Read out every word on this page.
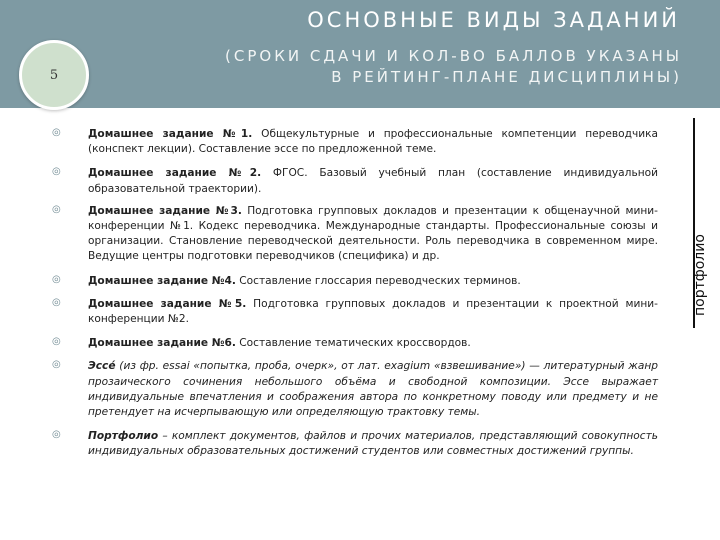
ОСНОВНЫЕ ВИДЫ ЗАДАНИЙ
(СРОКИ СДАЧИ И КОЛ-ВО БАЛЛОВ УКАЗАНЫ
В РЕЙТИНГ-ПЛАНЕ ДИСЦИПЛИНЫ)
5
портфолио
◎	Домашнее задание №1. Общекультурные и профессиональные компетенции переводчика (конспект лекции). Составление эссе по предложенной теме.
◎	Домашнее задание №2. ФГОС. Базовый учебный план (составление индивидуальной образовательной траектории).
◎	Домашнее задание №3. Подготовка групповых докладов и презентации к общенаучной мини-конференции №1. Кодекс переводчика. Международные стандарты. Профессиональные союзы и организации. Становление переводческой деятельности. Роль переводчика в современном мире. Ведущие центры подготовки переводчиков (специфика) и др.
◎	Домашнее задание №4. Составление глоссария переводческих терминов.
◎	Домашнее задание №5. Подготовка групповых докладов и презентации к проектной мини-конференции №2.
◎	Домашнее задание №6. Составление тематических кроссвордов.
◎	Эссе́ (из фр. essai «попытка, проба, очерк», от лат. exagium «взвешивание») — литературный жанр прозаического сочинения небольшого объёма и свободной композиции. Эссе выражает индивидуальные впечатления и соображения автора по конкретному поводу или предмету и не претендует на исчерпывающую или определяющую трактовку темы.
◎	Портфолио – комплект документов, файлов и прочих материалов, представляющий совокупность индивидуальных образовательных достижений студентов или совместных достижений группы.
